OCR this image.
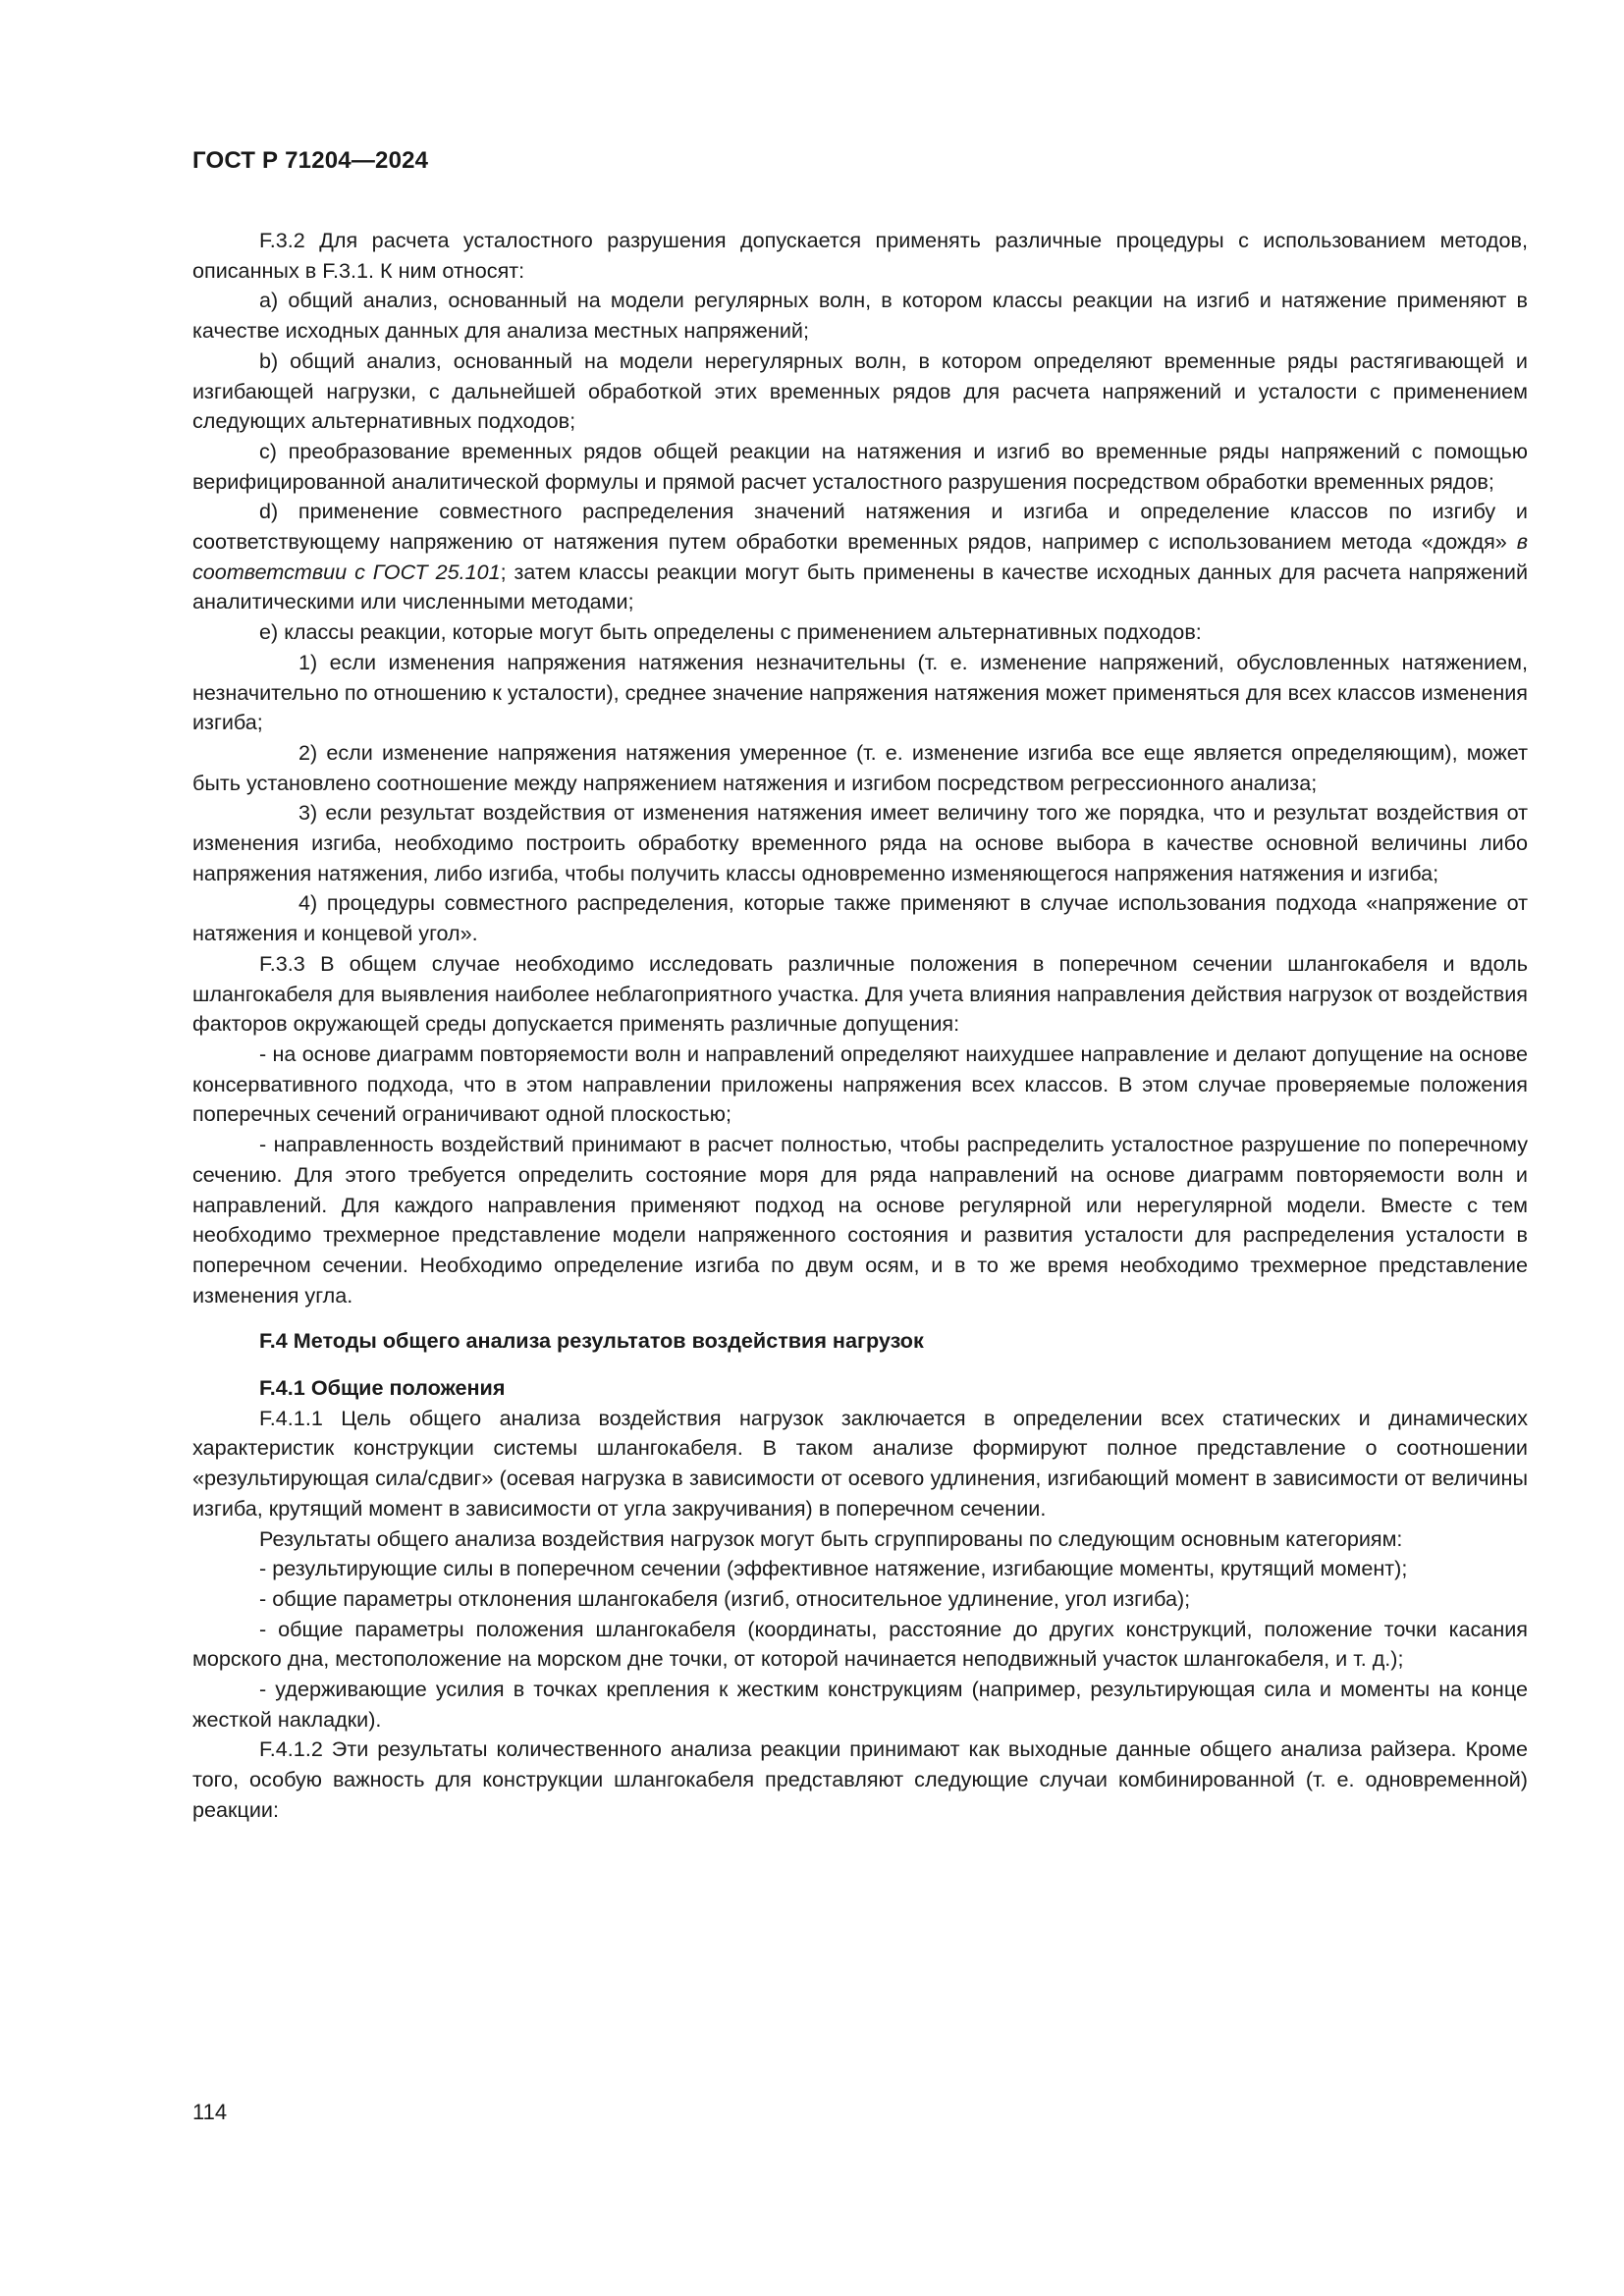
ГОСТ Р 71204—2024

F.3.2 Для расчета усталостного разрушения допускается применять различные процедуры с использованием методов, описанных в F.3.1. К ним относят:

a) общий анализ, основанный на модели регулярных волн, в котором классы реакции на изгиб и натяжение применяют в качестве исходных данных для анализа местных напряжений;

b) общий анализ, основанный на модели нерегулярных волн, в котором определяют временные ряды растягивающей и изгибающей нагрузки, с дальнейшей обработкой этих временных рядов для расчета напряжений и усталости с применением следующих альтернативных подходов;

c) преобразование временных рядов общей реакции на натяжения и изгиб во временные ряды напряжений с помощью верифицированной аналитической формулы и прямой расчет усталостного разрушения посредством обработки временных рядов;

d) применение совместного распределения значений натяжения и изгиба и определение классов по изгибу и соответствующему напряжению от натяжения путем обработки временных рядов, например с использованием метода «дождя» в соответствии с ГОСТ 25.101; затем классы реакции могут быть применены в качестве исходных данных для расчета напряжений аналитическими или численными методами;

e) классы реакции, которые могут быть определены с применением альтернативных подходов:

1) если изменения напряжения натяжения незначительны (т. е. изменение напряжений, обусловленных натяжением, незначительно по отношению к усталости), среднее значение напряжения натяжения может применяться для всех классов изменения изгиба;

2) если изменение напряжения натяжения умеренное (т. е. изменение изгиба все еще является определяющим), может быть установлено соотношение между напряжением натяжения и изгибом посредством регрессионного анализа;

3) если результат воздействия от изменения натяжения имеет величину того же порядка, что и результат воздействия от изменения изгиба, необходимо построить обработку временного ряда на основе выбора в качестве основной величины либо напряжения натяжения, либо изгиба, чтобы получить классы одновременно изменяющегося напряжения натяжения и изгиба;

4) процедуры совместного распределения, которые также применяют в случае использования подхода «напряжение от натяжения и концевой угол».

F.3.3 В общем случае необходимо исследовать различные положения в поперечном сечении шлангокабеля и вдоль шлангокабеля для выявления наиболее неблагоприятного участка. Для учета влияния направления действия нагрузок от воздействия факторов окружающей среды допускается применять различные допущения:

- на основе диаграмм повторяемости волн и направлений определяют наихудшее направление и делают допущение на основе консервативного подхода, что в этом направлении приложены напряжения всех классов. В этом случае проверяемые положения поперечных сечений ограничивают одной плоскостью;

- направленность воздействий принимают в расчет полностью, чтобы распределить усталостное разрушение по поперечному сечению. Для этого требуется определить состояние моря для ряда направлений на основе диаграмм повторяемости волн и направлений. Для каждого направления применяют подход на основе регулярной или нерегулярной модели. Вместе с тем необходимо трехмерное представление модели напряженного состояния и развития усталости для распределения усталости в поперечном сечении. Необходимо определение изгиба по двум осям, и в то же время необходимо трехмерное представление изменения угла.

F.4 Методы общего анализа результатов воздействия нагрузок

F.4.1 Общие положения

F.4.1.1 Цель общего анализа воздействия нагрузок заключается в определении всех статических и динамических характеристик конструкции системы шлангокабеля. В таком анализе формируют полное представление о соотношении «результирующая сила/сдвиг» (осевая нагрузка в зависимости от осевого удлинения, изгибающий момент в зависимости от величины изгиба, крутящий момент в зависимости от угла закручивания) в поперечном сечении.

Результаты общего анализа воздействия нагрузок могут быть сгруппированы по следующим основным категориям:

- результирующие силы в поперечном сечении (эффективное натяжение, изгибающие моменты, крутящий момент);

- общие параметры отклонения шлангокабеля (изгиб, относительное удлинение, угол изгиба);

- общие параметры положения шлангокабеля (координаты, расстояние до других конструкций, положение точки касания морского дна, местоположение на морском дне точки, от которой начинается неподвижный участок шлангокабеля, и т. д.);

- удерживающие усилия в точках крепления к жестким конструкциям (например, результирующая сила и моменты на конце жесткой накладки).

F.4.1.2 Эти результаты количественного анализа реакции принимают как выходные данные общего анализа райзера. Кроме того, особую важность для конструкции шлангокабеля представляют следующие случаи комбинированной (т. е. одновременной) реакции:

114
